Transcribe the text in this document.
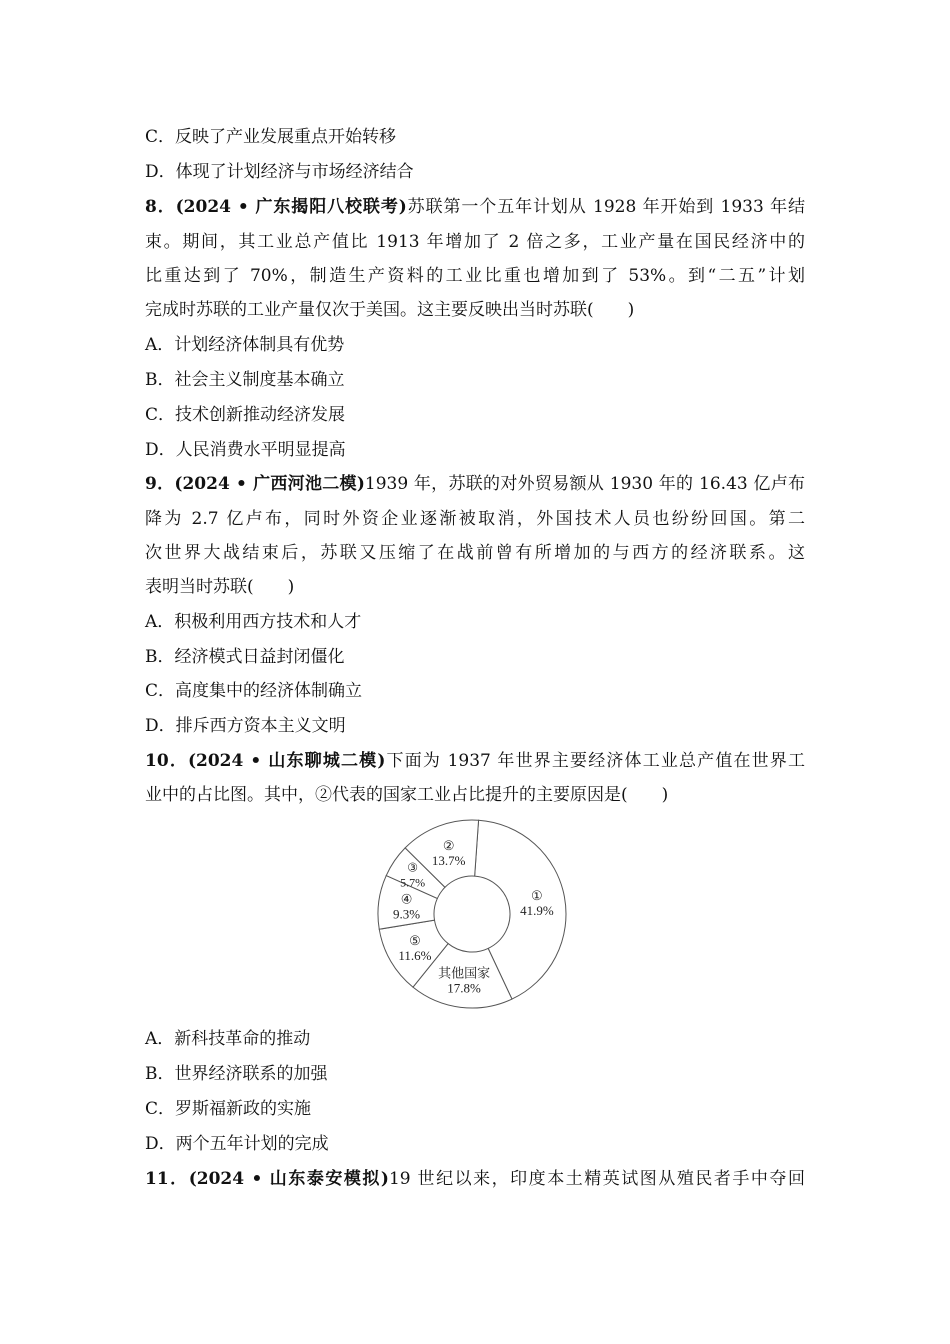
C．反映了产业发展重点开始转移
D．体现了计划经济与市场经济结合
8．(2024 • 广东揭阳八校联考)苏联第一个五年计划从 1928 年开始到 1933 年结
束。期间，其工业总产值比 1913 年增加了 2 倍之多，工业产量在国民经济中的
比重达到了 70%，制造生产资料的工业比重也增加到了 53%。到“二五”计划
完成时苏联的工业产量仅次于美国。这主要反映出当时苏联(　　)
A．计划经济体制具有优势
B．社会主义制度基本确立
C．技术创新推动经济发展
D．人民消费水平明显提高
9．(2024 • 广西河池二模)1939 年，苏联的对外贸易额从 1930 年的 16.43 亿卢布
降为 2.7 亿卢布，同时外资企业逐渐被取消，外国技术人员也纷纷回国。第二
次世界大战结束后，苏联又压缩了在战前曾有所增加的与西方的经济联系。这
表明当时苏联(　　)
A．积极利用西方技术和人才
B．经济模式日益封闭僵化
C．高度集中的经济体制确立
D．排斥西方资本主义文明
10．(2024 • 山东聊城二模)下面为 1937 年世界主要经济体工业总产值在世界工
业中的占比图。其中，②代表的国家工业占比提升的主要原因是(　　)
①
41.9%
其他国家
17.8%
⑤
11.6%
④
9.3%
③
5.7%
②
13.7%
A．新科技革命的推动
B．世界经济联系的加强
C．罗斯福新政的实施
D．两个五年计划的完成
11．(2024 • 山东泰安模拟)19 世纪以来，印度本土精英试图从殖民者手中夺回
